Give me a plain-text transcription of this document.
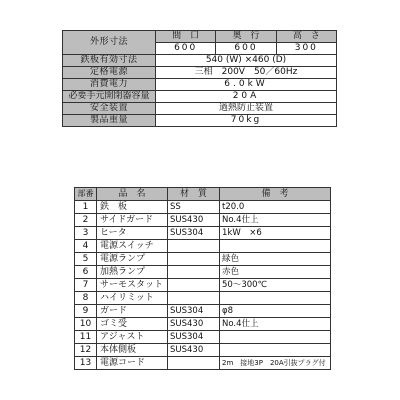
外形寸法	間　口	奥　行	高　さ
	600	600	300
鉄板有効寸法	540 (W) ×460 (D)		
定格電源	三相　200V　50／60Hz		
消費電力	6.0kW		
必要手元開閉器容量	20A		
安全装置	過熱防止装置		
製品重量	70kg		
部番	品　名	材　質	備　考
1	鉄　板	SS	t20.0
2	サイドガード	SUS430	No.4仕上
3	ヒータ	SUS304	1kW　×6
4	電源スイッチ		
5	電源ランプ		緑色
6	加熱ランプ		赤色
7	サーモスタット		50〜300℃
8	ハイリミット		
9	ガード	SUS304	φ8
10	ゴミ受	SUS430	No.4仕上
11	アジャスト	SUS304	
12	本体側板	SUS430	
13	電源コード		2m　接地3P　20A引抜プラグ付
